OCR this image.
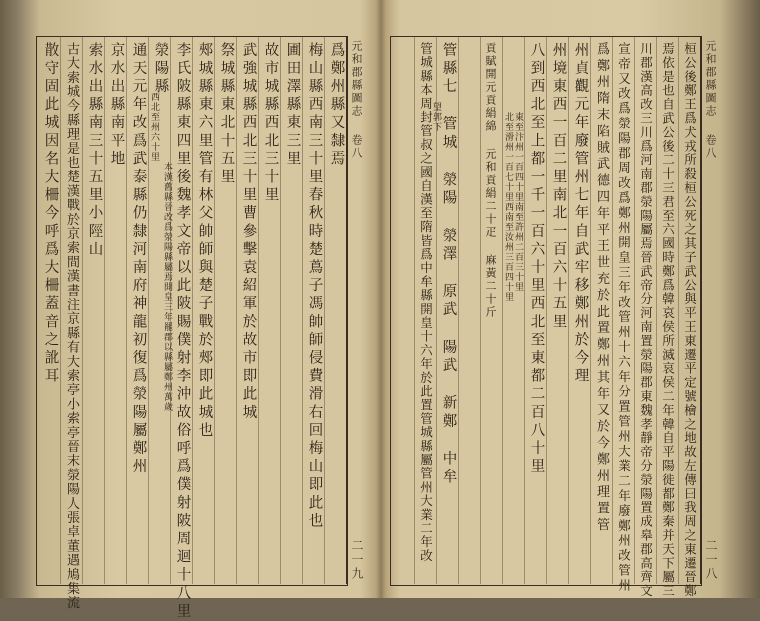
元和郡縣圖志
卷八
二一九
爲鄭州縣又隸焉
梅山縣西南三十里春秋時楚蔦子馮帥師侵費滑右回梅山即此也
圃田澤縣東三里
故市城縣西北三十里
武強城縣西北三十里曹參擊袁紹軍於故市即此城
祭城縣東北十五里
郟城縣東六里管有林父帥師與楚子戰於郟即此城也
李氏陂縣東四里後魏孝文帝以此陂賜僕射李沖故俗呼爲僕射陂周迴十八里
滎陽縣
西北至州六十里
本漢舊縣晉改爲滎陽縣屬焉開皇三年罷郡以縣屬鄭州萬歲
通天元年改爲武泰縣仍隸河南府神龍初復爲滎陽屬鄭州
京水出縣南平地
索水出縣南三十五里小陘山
古大索城今縣理是也楚漢戰於京索間漢書注京縣有大索亭小索亭晉末滎陽人張卓董遇鳩集流
散守固此城因名大柵今呼爲大柵蓋音之訛耳	元和郡縣圖志
卷八
二一八
桓公後鄭王爲犬戎所殺桓公死之其子武公與平王東遷平定號檜之地故左傳曰我周之東遷晉鄭
焉依是也自武公後二十三君至六國時鄭爲韓哀侯所滅哀侯二年韓自平陽徙都鄭秦并天下屬三
川郡漢高改三川爲河南郡滎陽屬焉晉武帝分河南置滎陽郡東魏孝靜帝分滎陽置成皋郡高齊文
宣帝又改爲滎陽郡周改爲鄭州開皇三年改管州十六年分置管州大業二年廢鄭州改管州
爲鄭州隋末陷賊武德四年平王世充於此置鄭州其年又於今鄭州理置管
州貞觀元年廢管州七年自武牢移鄭州於今理
州境東西一百二里南北一百六十五里
八到西北至上都一千一百六十里西北至東都二百八十里
東至汴州一百四十里南至許州二百三十里
北至滑州一百七十里西南至汝州三百四十里
貢賦開元貢絹綿 元和貢絹二十疋 麻黃二十斤
管縣七 管城 滎陽 滎澤 原武 陽武 新鄭 中牟
管城縣本周封管叔之國自漢至隋皆爲中牟縣開皇十六年於此置管城縣屬管州大業二年改
望郭下
